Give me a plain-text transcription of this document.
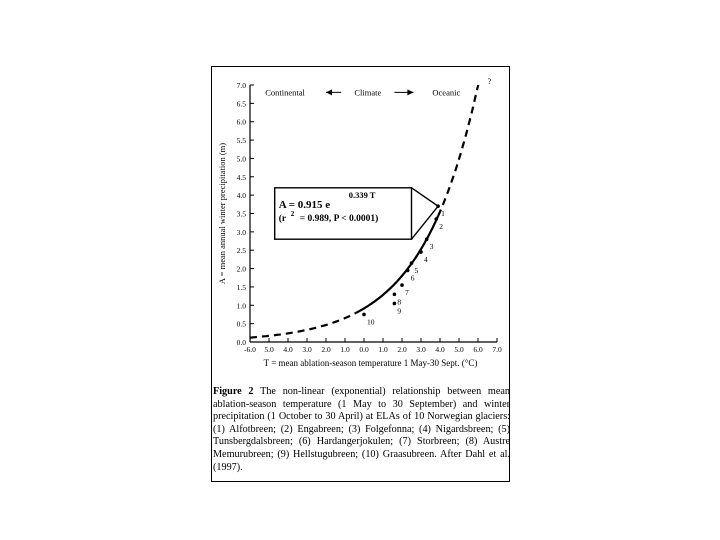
0.0
0.5
1.0
1.5
2.0
2.5
3.0
3.5
4.0
4.5
5.0
5.5
6.0
6.5
7.0
-6.0 5.0 4.0 3.0 2.0 1.0 0.0 1.0 2.0 3.0 4.0 5.0 6.0 7.0
A = mean annual winter precipitation (m)
T = mean ablation-season temperature 1 May-30 Sept. (°C)
1
2
3
4
5
6
7
8
9
10
?
Continental	Climate	Oceanic
A = 0.915 e
0.339 T
(r 2 = 0.989, P < 0.0001)
Figure 2 The non-linear (exponential) relationship between mean ablation-season temperature (1 May to 30 September) and winter precipitation (1 October to 30 April) at ELAs of 10 Norwegian glaciers: (1) Alfotbreen; (2) Engabreen; (3) Folgefonna; (4) Nigardsbreen; (5) Tunsbergdalsbreen; (6) Hardangerjokulen; (7) Storbreen; (8) Austre Memurubreen; (9) Hellstugubreen; (10) Graasubreen. After Dahl et al. (1997).
